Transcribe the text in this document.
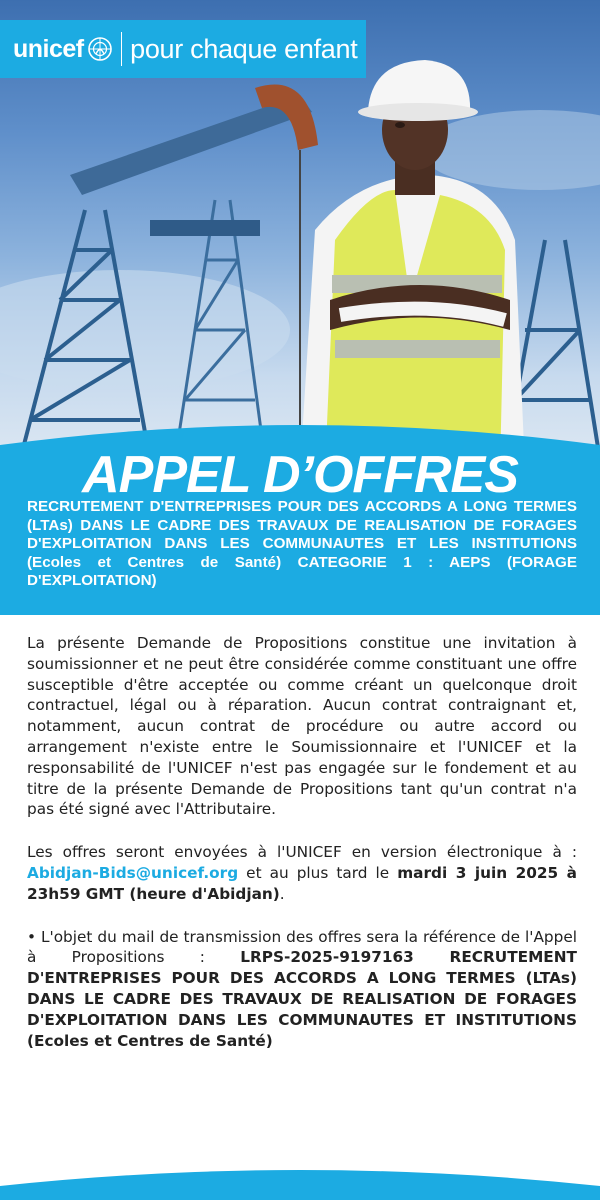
unicef pour chaque enfant
APPEL D’OFFRES
RECRUTEMENT D'ENTREPRISES POUR DES ACCORDS A LONG TERMES (LTAs) DANS LE CADRE DES TRAVAUX DE REALISATION DE FORAGES D'EXPLOITATION DANS LES COMMUNAUTES ET LES INSTITUTIONS (Ecoles et Centres de Santé) CATEGORIE 1 : AEPS (FORAGE D'EXPLOITATION)

La présente Demande de Propositions constitue une invitation à soumissionner et ne peut être considérée comme constituant une offre susceptible d'être acceptée ou comme créant un quelconque droit contractuel, légal ou à réparation. Aucun contrat contraignant et, notamment, aucun contrat de procédure ou autre accord ou arrangement n'existe entre le Soumissionnaire et l'UNICEF et la responsabilité de l'UNICEF n'est pas engagée sur le fondement et au titre de la présente Demande de Propositions tant qu'un contrat n'a pas été signé avec l'Attributaire.

Les offres seront envoyées à l'UNICEF en version électronique à : Abidjan-Bids@unicef.org et au plus tard le mardi 3 juin 2025 à 23h59 GMT (heure d'Abidjan).

• L'objet du mail de transmission des offres sera la référence de l'Appel à Propositions : LRPS-2025-9197163 RECRUTEMENT D'ENTREPRISES POUR DES ACCORDS A LONG TERMES (LTAs) DANS LE CADRE DES TRAVAUX DE REALISATION DE FORAGES D'EXPLOITATION DANS LES COMMUNAUTES ET INSTITUTIONS (Ecoles et Centres de Santé)
